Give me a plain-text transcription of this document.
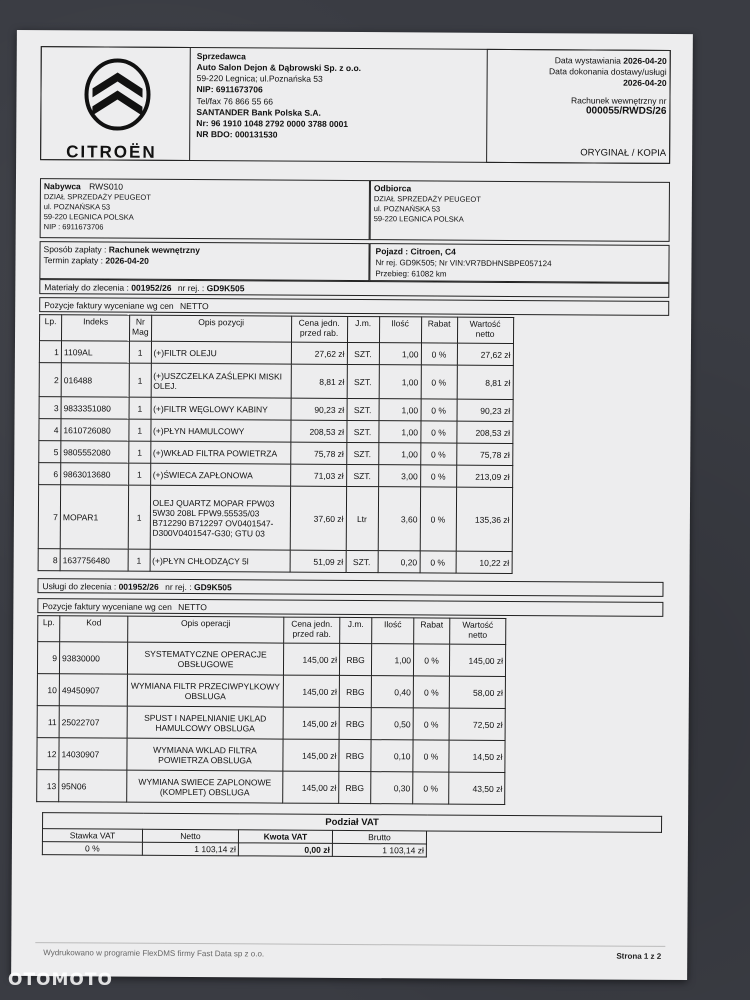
CITROËN
Sprzedawca
Auto Salon Dejon & Dąbrowski Sp. z o.o.
59-220 Legnica; ul.Poznańska 53
NIP: 6911673706
Tel/fax 76 866 55 66
SANTANDER Bank Polska S.A.
Nr: 96 1910 1048 2792 0000 3788 0001
NR BDO: 000131530
Data wystawiania 2026-04-20
Data dokonania dostawy/usługi
2026-04-20
Rachunek wewnętrzny nr
000055/RWDS/26
ORYGINAŁ / KOPIA
Nabywca RWS010
DZIAŁ SPRZEDAŻY PEUGEOT
ul. POZNAŃSKA 53
59-220 LEGNICA POLSKA
NIP : 6911673706
Odbiorca
DZIAŁ SPRZEDAŻY PEUGEOT
ul. POZNAŃSKA 53
59-220 LEGNICA POLSKA
Sposób zapłaty : Rachunek wewnętrzny
Termin zapłaty : 2026-04-20
Pojazd : Citroen, C4
Nr rej. GD9K505; Nr VIN:VR7BDHNSBPE057124
Przebieg: 61082 km
Materiały do zlecenia : 001952/26 nr rej. : GD9K505
Pozycje faktury wyceniane wg cen NETTO
Lp.	Indeks	Nr Mag	Opis pozycji	Cena jedn. przed rab.	J.m.	Ilość	Rabat	Wartość netto
1	1109AL	1	(+)FILTR OLEJU	27,62 zł	SZT.	1,00	0 %	27,62 zł
2	016488	1	(+)USZCZELKA ZAŚLEPKI MISKI OLEJ.	8,81 zł	SZT.	1,00	0 %	8,81 zł
3	9833351080	1	(+)FILTR WĘGLOWY KABINY	90,23 zł	SZT.	1,00	0 %	90,23 zł
4	1610726080	1	(+)PŁYN HAMULCOWY	208,53 zł	SZT.	1,00	0 %	208,53 zł
5	9805552080	1	(+)WKŁAD FILTRA POWIETRZA	75,78 zł	SZT.	1,00	0 %	75,78 zł
6	9863013680	1	(+)ŚWIECA ZAPŁONOWA	71,03 zł	SZT.	3,00	0 %	213,09 zł
7	MOPAR1	1	OLEJ QUARTZ MOPAR FPW03 5W30 208L FPW9.55535/03 B712290 B712297 OV0401547-D300V0401547-G30; GTU 03	37,60 zł	Ltr	3,60	0 %	135,36 zł
8	1637756480	1	(+)PŁYN CHŁODZĄCY 5l	51,09 zł	SZT.	0,20	0 %	10,22 zł
Usługi do zlecenia : 001952/26 nr rej. : GD9K505
Pozycje faktury wyceniane wg cen NETTO
Lp.	Kod	Opis operacji	Cena jedn. przed rab.	J.m.	Ilość	Rabat	Wartość netto
9	93830000	SYSTEMATYCZNE OPERACJE OBSŁUGOWE	145,00 zł	RBG	1,00	0 %	145,00 zł
10	49450907	WYMIANA FILTR PRZECIWPYLKOWY OBSLUGA	145,00 zł	RBG	0,40	0 %	58,00 zł
11	25022707	SPUST I NAPELNIANIE UKLAD HAMULCOWY OBSLUGA	145,00 zł	RBG	0,50	0 %	72,50 zł
12	14030907	WYMIANA WKLAD FILTRA POWIETRZA OBSLUGA	145,00 zł	RBG	0,10	0 %	14,50 zł
13	95N06	WYMIANA SWIECE ZAPLONOWE (KOMPLET) OBSLUGA	145,00 zł	RBG	0,30	0 %	43,50 zł
Podział VAT				
Stawka VAT	Netto	Kwota VAT	Brutto	
0 %	1 103,14 zł	0,00 zł	1 103,14 zł	
Wydrukowano w programie FlexDMS firmy Fast Data sp z o.o.	Strona 1 z 2
OTOMOTO
